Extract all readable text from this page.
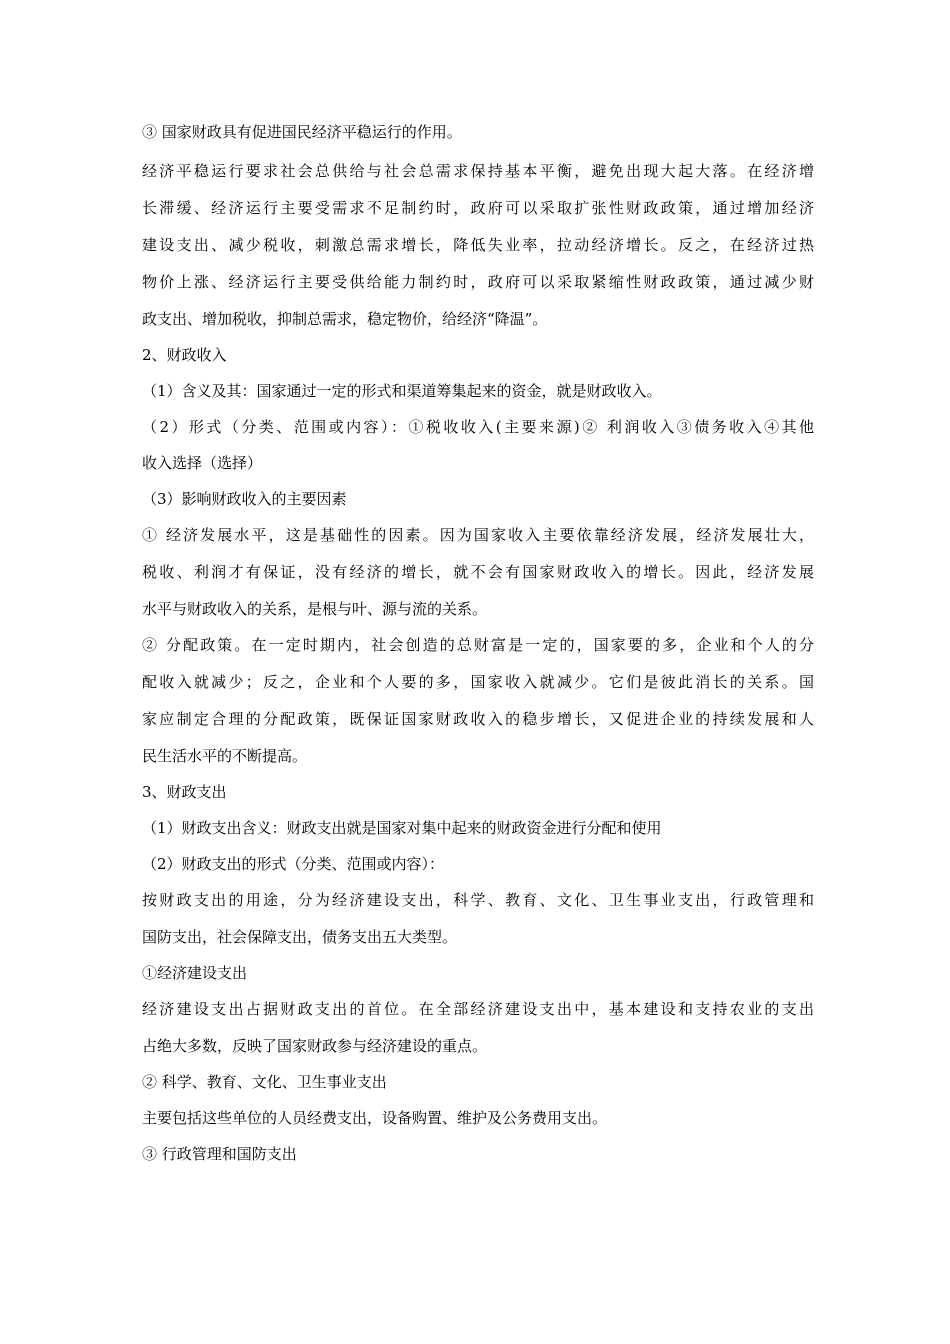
③ 国家财政具有促进国民经济平稳运行的作用。
经济平稳运行要求社会总供给与社会总需求保持基本平衡，避免出现大起大落。在经济增
长滞缓、经济运行主要受需求不足制约时，政府可以采取扩张性财政政策，通过增加经济
建设支出、减少税收，刺激总需求增长，降低失业率，拉动经济增长。反之，在经济过热
物价上涨、经济运行主要受供给能力制约时，政府可以采取紧缩性财政政策，通过减少财
政支出、增加税收，抑制总需求，稳定物价，给经济“降温”。
2、财政收入
（1）含义及其：国家通过一定的形式和渠道筹集起来的资金，就是财政收入。
（2）形式（分类、范围或内容）：①税收收入(主要来源)② 利润收入③债务收入④其他
收入选择（选择）
（3）影响财政收入的主要因素
① 经济发展水平，这是基础性的因素。因为国家收入主要依靠经济发展，经济发展壮大，
税收、利润才有保证，没有经济的增长，就不会有国家财政收入的增长。因此，经济发展
水平与财政收入的关系，是根与叶、源与流的关系。
② 分配政策。在一定时期内，社会创造的总财富是一定的，国家要的多，企业和个人的分
配收入就减少；反之，企业和个人要的多，国家收入就减少。它们是彼此消长的关系。国
家应制定合理的分配政策，既保证国家财政收入的稳步增长，又促进企业的持续发展和人
民生活水平的不断提高。
3、财政支出
（1）财政支出含义：财政支出就是国家对集中起来的财政资金进行分配和使用
（2）财政支出的形式（分类、范围或内容）：
按财政支出的用途，分为经济建设支出，科学、教育、文化、卫生事业支出，行政管理和
国防支出，社会保障支出，债务支出五大类型。
①经济建设支出
经济建设支出占据财政支出的首位。在全部经济建设支出中，基本建设和支持农业的支出
占绝大多数，反映了国家财政参与经济建设的重点。
② 科学、教育、文化、卫生事业支出
主要包括这些单位的人员经费支出，设备购置、维护及公务费用支出。
③ 行政管理和国防支出
